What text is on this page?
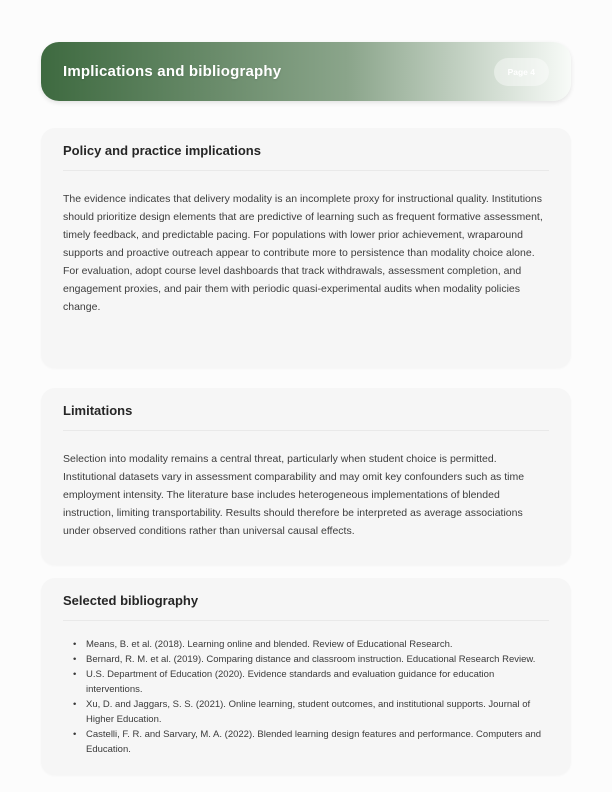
Implications and bibliography	Page 4
Policy and practice implications

The evidence indicates that delivery modality is an incomplete proxy for instructional quality. Institutions should prioritize design elements that are predictive of learning such as frequent formative assessment, timely feedback, and predictable pacing. For populations with lower prior achievement, wraparound supports and proactive outreach appear to contribute more to persistence than modality choice alone. For evaluation, adopt course level dashboards that track withdrawals, assessment completion, and engagement proxies, and pair them with periodic quasi-experimental audits when modality policies change.

Limitations

Selection into modality remains a central threat, particularly when student choice is permitted. Institutional datasets vary in assessment comparability and may omit key confounders such as time employment intensity. The literature base includes heterogeneous implementations of blended instruction, limiting transportability. Results should therefore be interpreted as average associations under observed conditions rather than universal causal effects.

Selected bibliography
•
Means, B. et al. (2018). Learning online and blended. Review of Educational Research.
•
Bernard, R. M. et al. (2019). Comparing distance and classroom instruction. Educational Research Review.
•
U.S. Department of Education (2020). Evidence standards and evaluation guidance for education interventions.
•
Xu, D. and Jaggars, S. S. (2021). Online learning, student outcomes, and institutional supports. Journal of Higher Education.
•
Castelli, F. R. and Sarvary, M. A. (2022). Blended learning design features and performance. Computers and Education.
